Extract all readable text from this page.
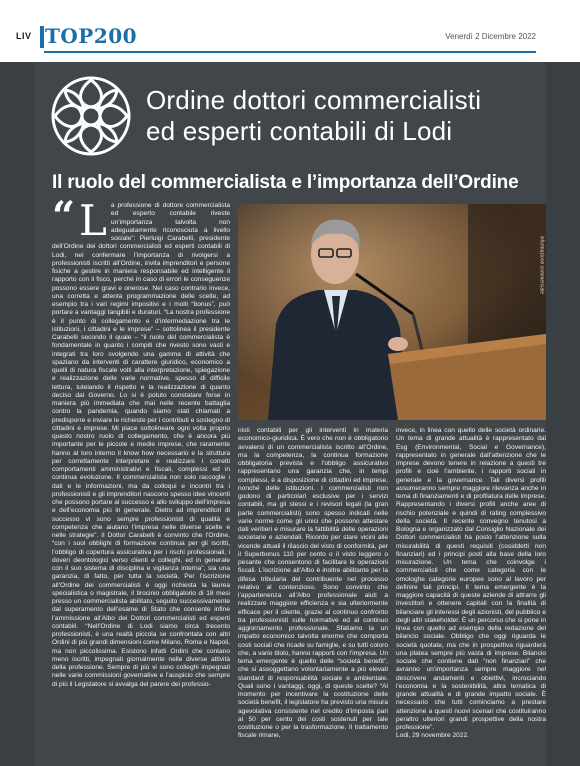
LIV TOP200	Venerdì 2 Dicembre 2022
Ordine dottori commercialisti
ed esperti contabili di Lodi
Il ruolo del commercialista e l’importanza dell’Ordine
informazione commerciale
“ L a professione di dottore commercialista ed esperto contabile riveste un’importanza talvolta non adeguatamente riconosciuta a livello sociale”: Pierluigi Carabelli, presidente dell’Ordine dei dottori commercialisti ed esperti contabili di Lodi, nel confermare l’importanza di rivolgersi a professionisti iscritti all’Ordine, invita imprenditori e persone fisiche a gestire in maniera responsabile ed intelligente il rapporto con il fisco, perché in caso di errori le conseguenze possono essere gravi e onerose. Nel caso contrario invece, una corretta e attenta programmazione delle scelte, ad esempio tra i vari regimi impositivi e i molti “bonus”, può portare a vantaggi tangibili e duraturi. “La nostra professione è il punto di collegamento e d’intermediazione tra le istituzioni, i cittadini e le imprese” – sottolinea il presidente Carabelli secondo il quale – “il ruolo del commercialista è fondamentale in quanto i compiti che rivesto sono vasti e integrati tra loro svolgendo una gamma di attività che spaziano da interventi di carattere giuridico, economico a quelli di natura fiscale volti alla interpretazione, spiegazione e realizzazione delle varie normative, spesso di difficile lettura, tutelando il rispetto e la realizzazione di quanto deciso dal Governo. Lo si è potuto constatare forse in maniera più immediata che mai nelle recente battaglia contro la pandemia, quando siamo stati chiamati a predisporre e inviare le richieste per i contributi e sostegno di cittadini e imprese. Mi piace sottolineare ogni volta proprio questo nostro ruolo di collegamento, che è ancora più importante per le piccole e medie imprese, che raramente hanno al loro interno il know how necessario e la struttura per correttamente interpretare e realizzare i corretti comportamenti amministrativi e fiscali, complessi ed in continua evoluzione. Il commercialista non solo raccoglie i dati e le informazioni, ma da colloqui e incontri tra i professionisti e gli imprenditori nascono spesso idee vincenti che possono portare al successo e allo sviluppo dell’impresa e dell’economia più in generale. Dietro ad imprenditori di successo vi sono sempre professionisti di qualità e competenza che aiutano l’impresa nelle diverse scelte e nelle strategie”. Il Dottor Carabelli è convinto che l’Ordine, “con i suoi obblighi di formazione continua per gli iscritti, l’obbligo di copertura assicurativa per i rischi professionali, i doveri deontologici verso clienti e colleghi, ed in generale con il suo sistema di disciplina e vigilanza interna”, sia una garanzia, di fatto, per tutta la società. Per l’iscrizione all’Ordine dei commercialisti è oggi richiesta la laurea specialistica o magistrale, il tirocinio obbligatorio di 18 mesi presso un commercialista abilitato, seguito successivamente dal superamento dell’esame di Stato che consente infine l’ammissione all’Albo dei Dottori commercialisti ed esperti contabili. “Nell’Ordine di Lodi siamo circa trecento professionisti, è una realtà piccola se confrontata con altri Ordini di più grandi dimensioni come Milano, Roma e Napoli, ma non piccolissima. Esistono infatti Ordini che contano meno iscritti, impegnati giornalmente nelle diverse attività della professione. Sempre di più vi sono colleghi impegnati nelle varie commissioni governative e l’auspicio che sempre di più il Legislatore si avvalga del parere dei professio-

nisti contabili per gli interventi in materia economico-giuridica. È vero che non è obbligatorio avvalersi di un commercialista iscritto all’Ordine, ma la competenza, la continua formazione obbligatoria prevista e l’obbligo assicurativo rappresentano una garanzia che, in tempi complessi, è a disposizione di cittadini ed imprese, nonché delle istituzioni. I commercialisti non godono di particolari esclusive per i servizi contabili, ma gli stessi e i revisori legali (la gran parte commercialisti) sono spesso indicati nelle varie norme come gli unici che possono attestare dati veritieri e misurare la fattibilità delle operazioni societarie e aziendali. Ricordo per stare vicini alle vicende attuali il rilascio del visto di conformità, per il Superbonus 110 per cento o il visto leggero o pesante che consentono di facilitare le operazioni fiscali. L’iscrizione all’Albo è inoltre abilitante per la difesa tributaria del contribuente nel processo relativo al contenzioso. Sono convinto che l’appartenenza all’Albo professionale aiuti a realizzare maggiore efficienza e sia ulteriormente efficace per il cliente, grazie al continuo confronto tra professionisti sulle normative ed al continuo aggiornamento professionale. Sfatiamo la un impatto economico talvolta enorme che comporta costi sociali che ricade su famiglie, e su tutti coloro che, a vario titolo, hanno rapporti con l’impresa. Un tema emergente è quello delle “società benefit”, che si assoggettano volontariamente a più elevati standard di responsabilità sociale e ambientale. Quali sono i vantaggi, oggi, di queste scelte? “Al momento per incentivare la costituzione delle società benefit, il legislatore ha previsto una misura agevolativa consistente nel credito d’imposta pari al 50 per cento dei costi sostenuti per tale costituzione o per la trasformazione. Il trattamento fiscale rimane,

invece, in linea con quello delle società ordinarie. Un tema di grande attualità è rappresentato dal Esg (Environmental, Social e Governance), rappresentato in generale dall’attenzione che le imprese devono tenere in relazione a questi tre profili e cioè l’ambiente, i rapporti sociali in generale e la governance. Tali diversi profili assumeranno sempre maggiore rilevanza anche in tema di finanziamenti e di profilatura delle imprese. Rappresentando i diversi profili anche aree di rischio potenziale e quindi di rating complessivo della società. Il recente convegno tenutosi a Bologna e organizzato dal Consiglio Nazionale dei Dottori commercialisti ha posto l’attenzione sulla misurabilità di questi requisiti (cosiddetti non finanziari) ed i principi posti alla base della loro misurazione. Un tema che coinvolge i commercialisti che come categoria con le omologhe categorie europee sono al lavoro per definire tali principi. Il tema emergente è la maggiore capacità di queste aziende di attrarre gli investitori e ottenere capitali con la finalità di bilanciare gli interessi degli azionisti, del pubblico e degli altri stakeholder. È un percorso che si pone in linea con quello ad esempio della redazione del bilancio sociale. Obbligo che oggi riguarda le società quotate, ma che in prospettiva riguarderà una platea sempre più vasta di imprese. Bilancio sociale che contiene dati “non finanziari” che avranno un’importanza sempre maggiore nel descrivere andamenti e obiettivi, incrociando l’economia e la sostenibilità, altra tematica di grande attualità e di grande impatto sociale. È necessario che tutti cominciamo a prestare attenzione a questi nuovi scenari che costituiranno peraltro ulteriori grandi prospettive della nostra professione”.

Lodi, 29 novembre 2022.
